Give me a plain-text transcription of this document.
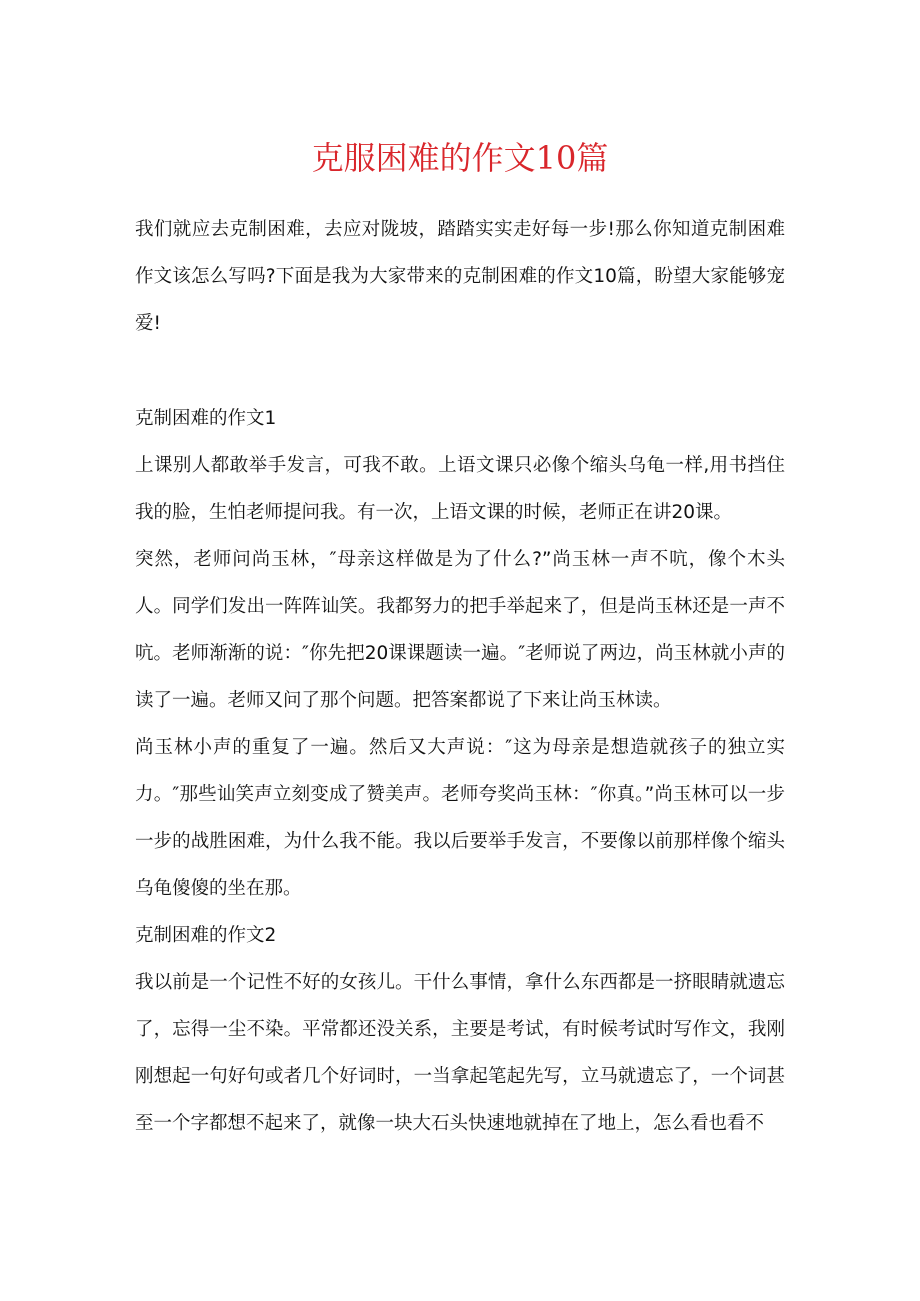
克服困难的作文10篇

我们就应去克制困难，去应对陇坡，踏踏实实走好每一步!那么你知道克制困难作文该怎么写吗?下面是我为大家带来的克制困难的作文10篇，盼望大家能够宠爱!

克制困难的作文1

上课别人都敢举手发言，可我不敢。上语文课只必像个缩头乌龟一样,用书挡住我的脸，生怕老师提问我。有一次，上语文课的时候，老师正在讲20课。

突然，老师问尚玉林，″母亲这样做是为了什么?”尚玉林一声不吭，像个木头人。同学们发出一阵阵讪笑。我都努力的把手举起来了，但是尚玉林还是一声不吭。老师渐渐的说：″你先把20课课题读一遍。″老师说了两边，尚玉林就小声的读了一遍。老师又问了那个问题。把答案都说了下来让尚玉林读。

尚玉林小声的重复了一遍。然后又大声说：″这为母亲是想造就孩子的独立实力。″那些讪笑声立刻变成了赞美声。老师夸奖尚玉林：″你真。”尚玉林可以一步一步的战胜困难，为什么我不能。我以后要举手发言，不要像以前那样像个缩头乌龟傻傻的坐在那。

克制困难的作文2

我以前是一个记性不好的女孩儿。干什么事情，拿什么东西都是一挤眼睛就遗忘了，忘得一尘不染。平常都还没关系，主要是考试，有时候考试时写作文，我刚刚想起一句好句或者几个好词时，一当拿起笔起先写，立马就遗忘了，一个词甚至一个字都想不起来了，就像一块大石头快速地就掉在了地上，怎么看也看不
